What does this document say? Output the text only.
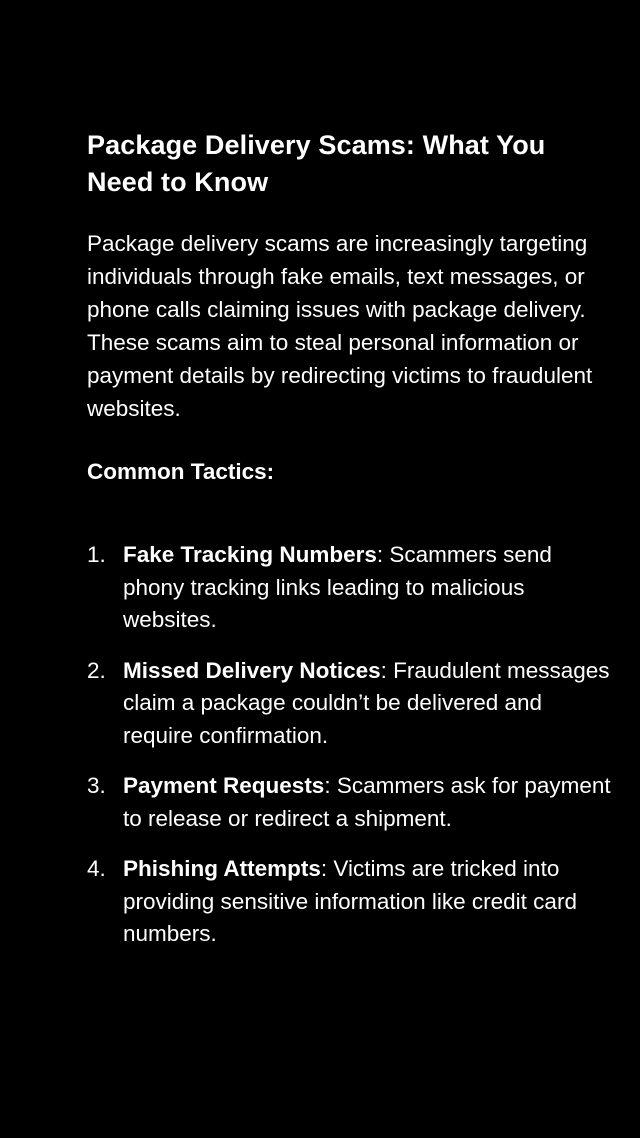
Package Delivery Scams: What You Need to Know

Package delivery scams are increasingly targeting individuals through fake emails, text messages, or phone calls claiming issues with package delivery. These scams aim to steal personal information or payment details by redirecting victims to fraudulent websites.

Common Tactics:
1. Fake Tracking Numbers: Scammers send phony tracking links leading to malicious websites.
2. Missed Delivery Notices: Fraudulent messages claim a package couldn’t be delivered and require confirmation.
3. Payment Requests: Scammers ask for payment to release or redirect a shipment.
4. Phishing Attempts: Victims are tricked into providing sensitive information like credit card numbers.
